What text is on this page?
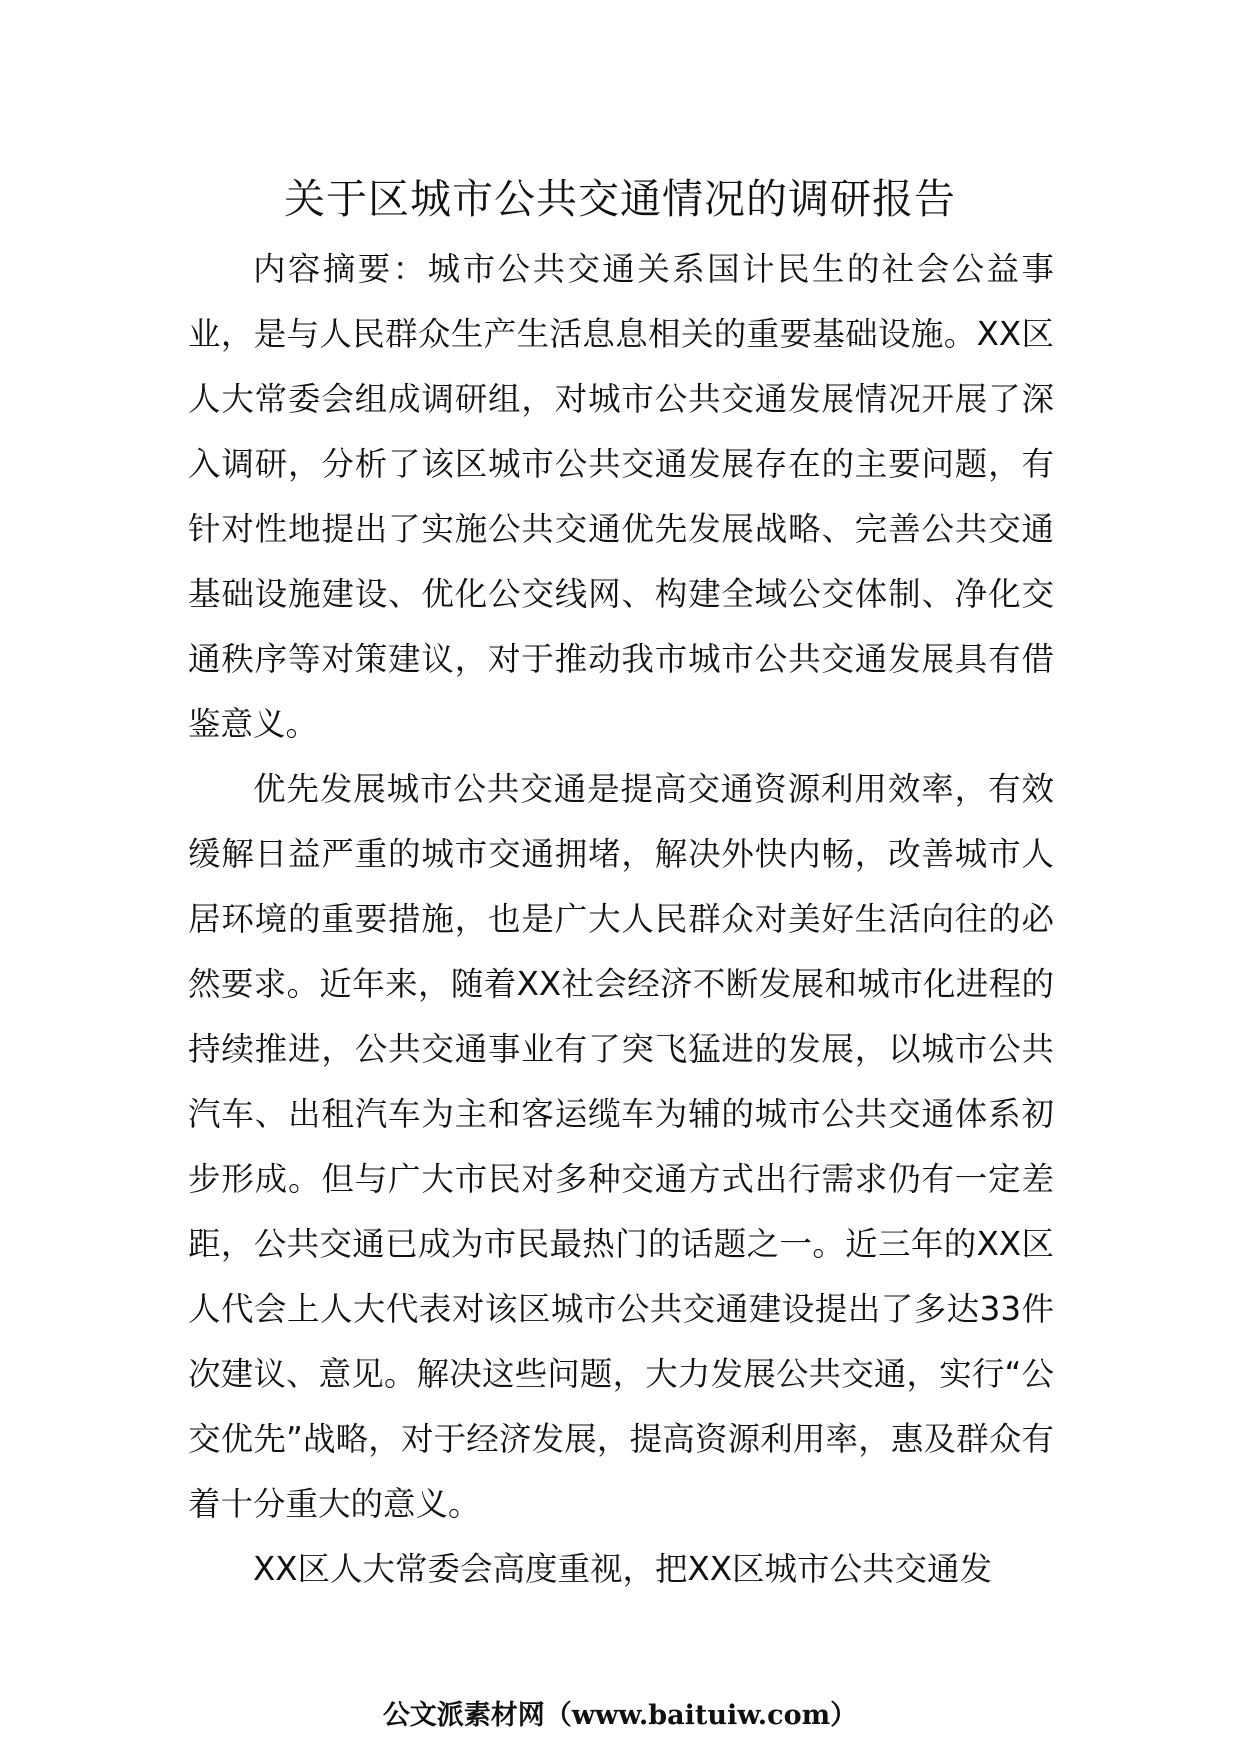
关于区城市公共交通情况的调研报告

内容摘要：城市公共交通关系国计民生的社会公益事业，是与人民群众生产生活息息相关的重要基础设施。XX区人大常委会组成调研组，对城市公共交通发展情况开展了深入调研，分析了该区城市公共交通发展存在的主要问题，有针对性地提出了实施公共交通优先发展战略、完善公共交通基础设施建设、优化公交线网、构建全域公交体制、净化交通秩序等对策建议，对于推动我市城市公共交通发展具有借鉴意义。

优先发展城市公共交通是提高交通资源利用效率，有效缓解日益严重的城市交通拥堵，解决外快内畅，改善城市人居环境的重要措施，也是广大人民群众对美好生活向往的必然要求。近年来，随着XX社会经济不断发展和城市化进程的持续推进，公共交通事业有了突飞猛进的发展，以城市公共汽车、出租汽车为主和客运缆车为辅的城市公共交通体系初步形成。但与广大市民对多种交通方式出行需求仍有一定差距，公共交通已成为市民最热门的话题之一。近三年的XX区人代会上人大代表对该区城市公共交通建设提出了多达33件次建议、意见。解决这些问题，大力发展公共交通，实行“公交优先”战略，对于经济发展，提高资源利用率，惠及群众有着十分重大的意义。

XX区人大常委会高度重视，把XX区城市公共交通发

公文派素材网（www.baituiw.com）
